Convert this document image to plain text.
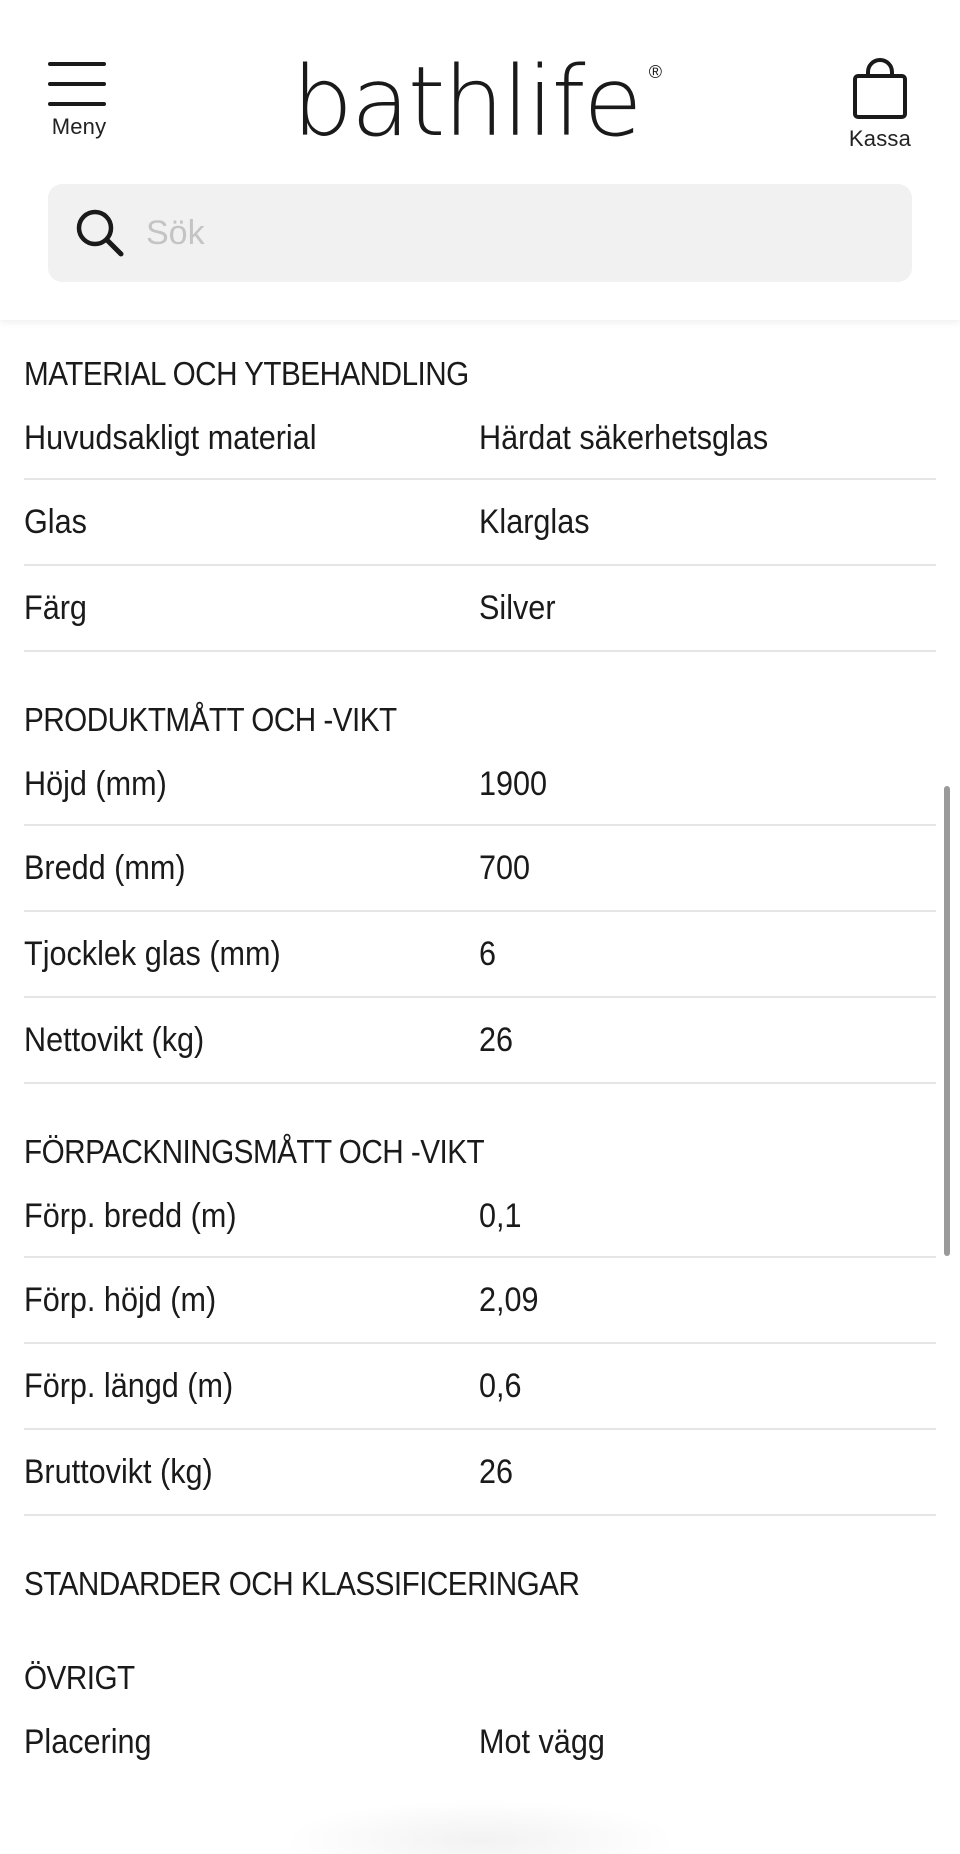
Meny bathlife ®
Kassa
Sök
MATERIAL OCH YTBEHANDLING
Huvudsakligt material	Härdat säkerhetsglas
Glas	Klarglas
Färg	Silver
PRODUKTMÅTT OCH -VIKT
Höjd (mm)	1900
Bredd (mm)	700
Tjocklek glas (mm)	6
Nettovikt (kg)	26
FÖRPACKNINGSMÅTT OCH -VIKT
Förp. bredd (m)	0,1
Förp. höjd (m)	2,09
Förp. längd (m)	0,6
Bruttovikt (kg)	26
STANDARDER OCH KLASSIFICERINGAR
ÖVRIGT
Placering	Mot vägg
